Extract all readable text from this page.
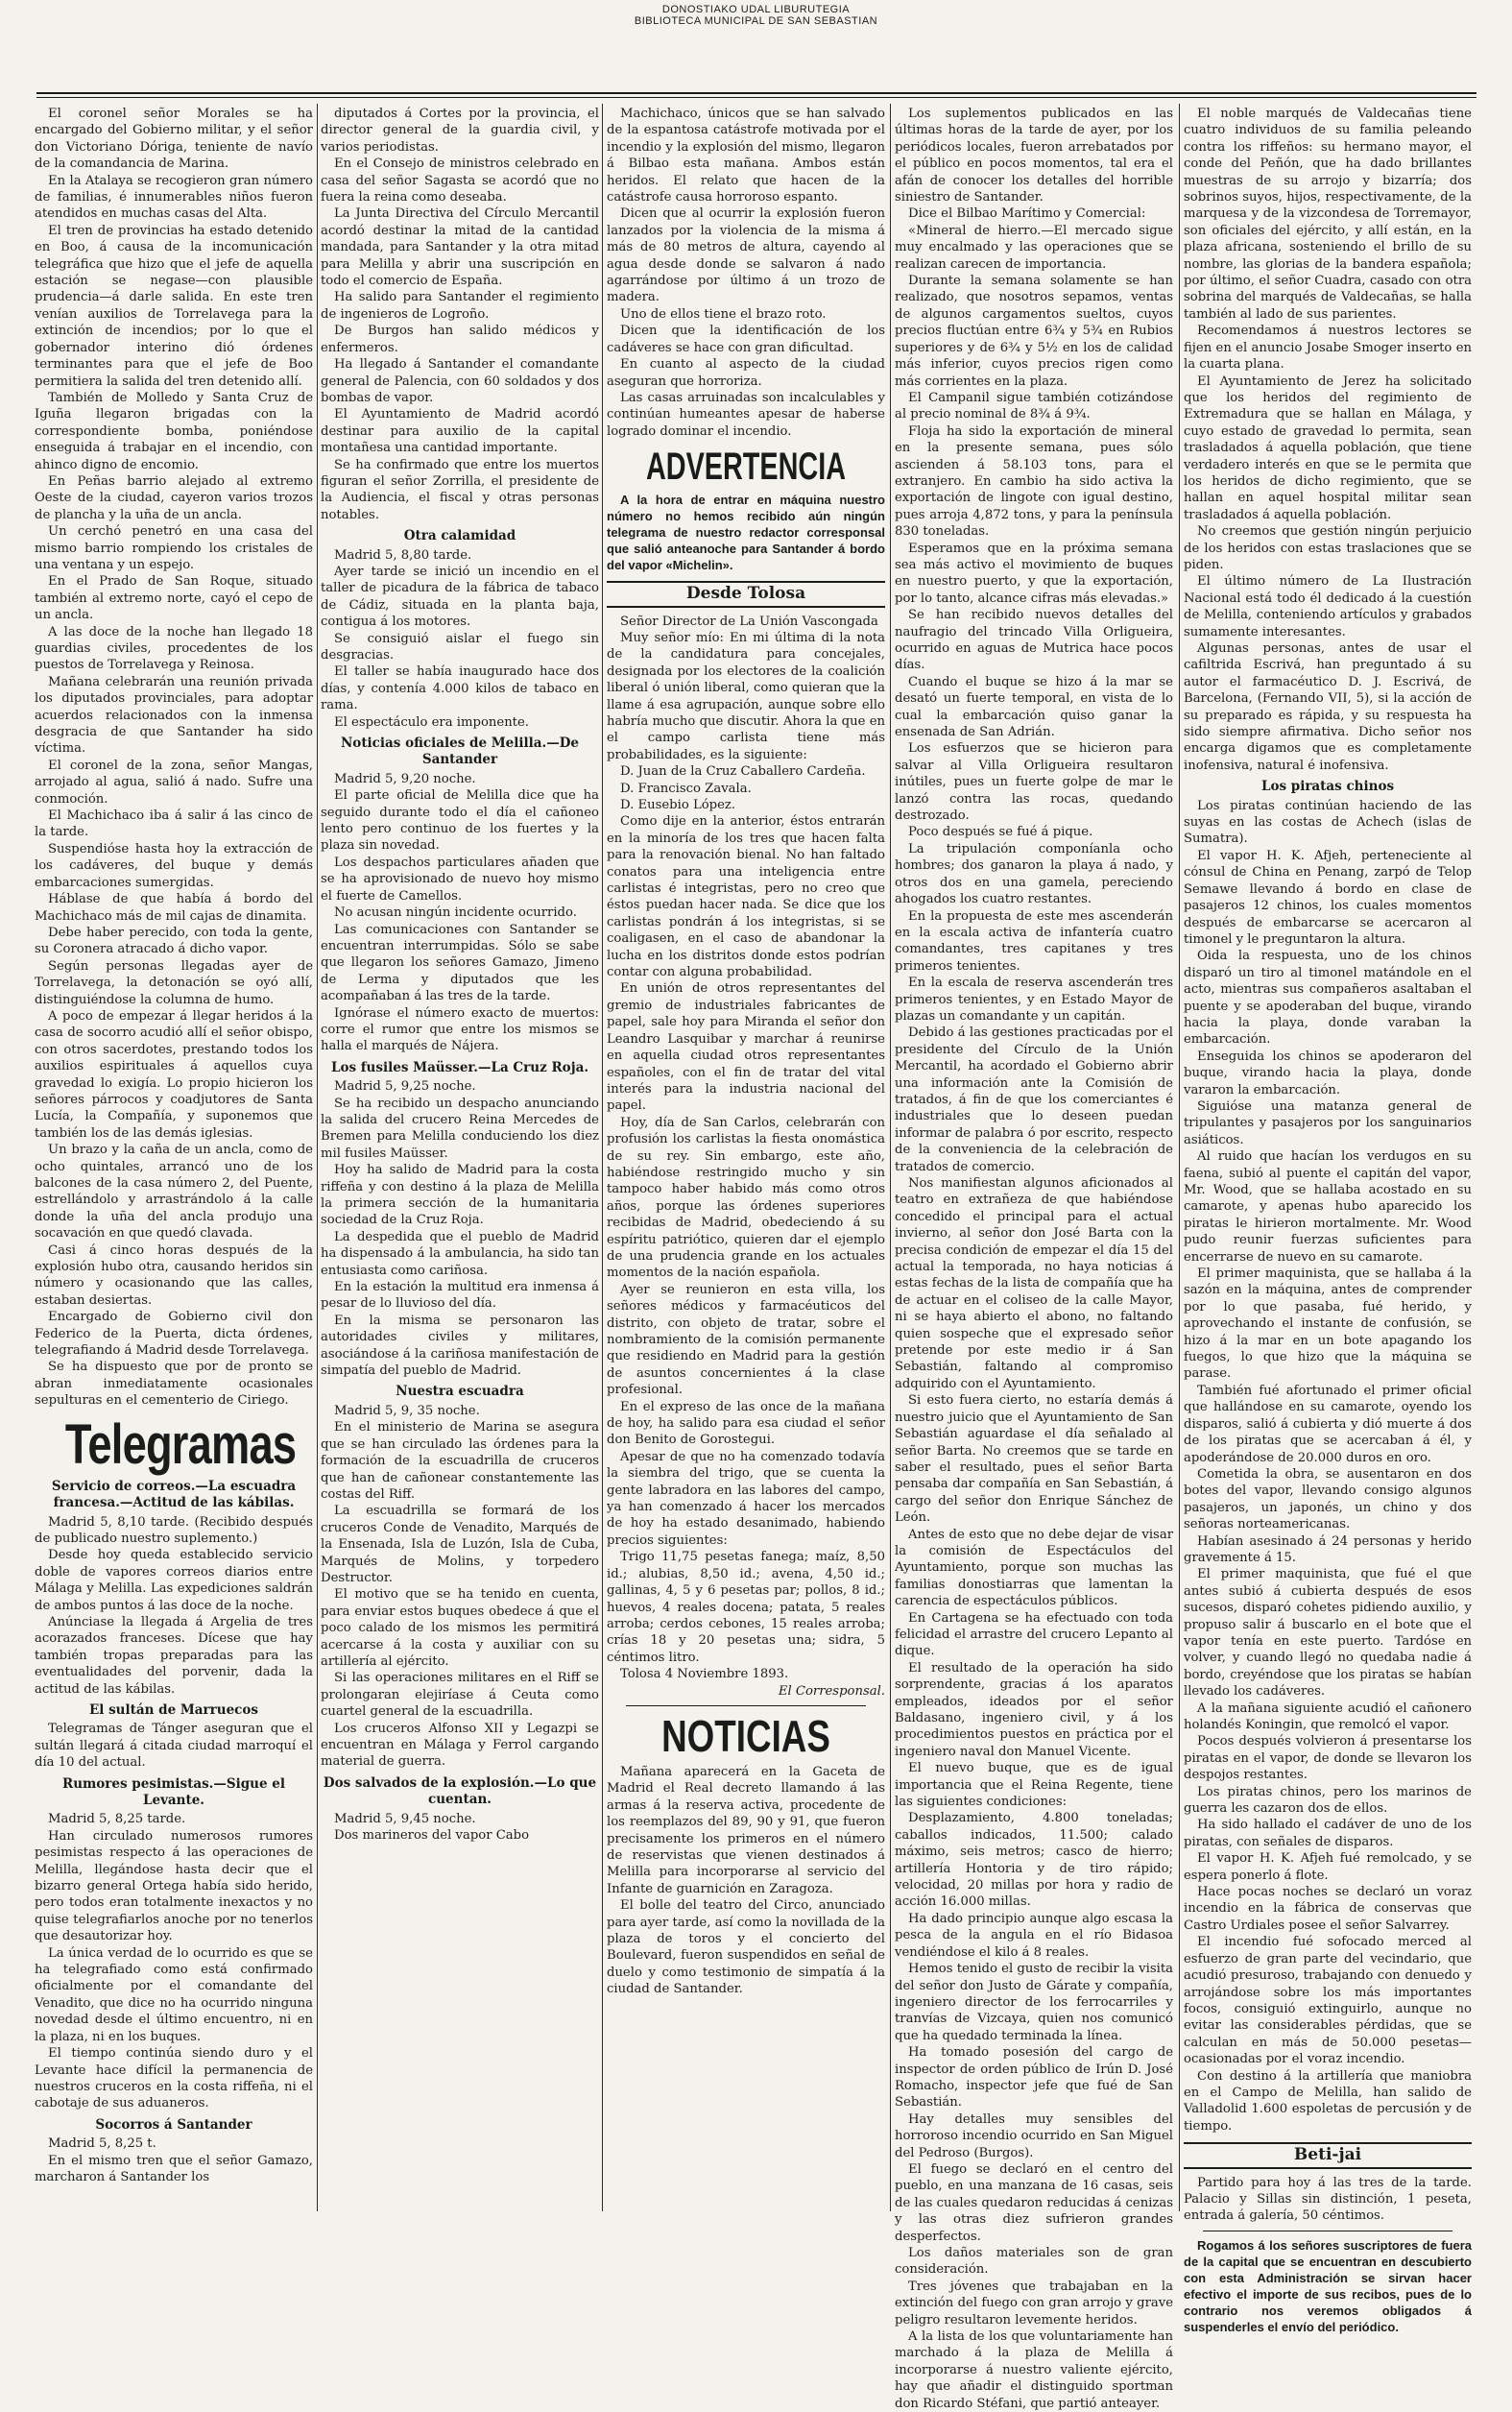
DONOSTIAKO UDAL LIBURUTEGIA
BIBLIOTECA MUNICIPAL DE SAN SEBASTIAN

El coronel señor Morales se ha encargado del Gobierno militar, y el señor don Victoriano Dóriga, teniente de navío de la comandancia de Marina.

En la Atalaya se recogieron gran número de familias, é innumerables niños fueron atendidos en muchas casas del Alta.

El tren de provincias ha estado detenido en Boo, á causa de la incomunicación telegráfica que hizo que el jefe de aquella estación se negase—con plausible prudencia—á darle salida. En este tren venían auxilios de Torrelavega para la extinción de incendios; por lo que el gobernador interino dió órdenes terminantes para que el jefe de Boo permitiera la salida del tren detenido allí.

También de Molledo y Santa Cruz de Iguña llegaron brigadas con la correspondiente bomba, poniéndose enseguida á trabajar en el incendio, con ahinco digno de encomio.

En Peñas barrio alejado al extremo Oeste de la ciudad, cayeron varios trozos de plancha y la uña de un ancla.

Un cerchó penetró en una casa del mismo barrio rompiendo los cristales de una ventana y un espejo.

En el Prado de San Roque, situado también al extremo norte, cayó el cepo de un ancla.

A las doce de la noche han llegado 18 guardias civiles, procedentes de los puestos de Torrelavega y Reinosa.

Mañana celebrarán una reunión privada los diputados provinciales, para adoptar acuerdos relacionados con la inmensa desgracia de que Santander ha sido víctima.

El coronel de la zona, señor Mangas, arrojado al agua, salió á nado. Sufre una conmoción.

El Machichaco iba á salir á las cinco de la tarde.

Suspendióse hasta hoy la extracción de los cadáveres, del buque y demás embarcaciones sumergidas.

Háblase de que había á bordo del Machichaco más de mil cajas de dinamita.

Debe haber perecido, con toda la gente, su Coronera atracado á dicho vapor.

Según personas llegadas ayer de Torrelavega, la detonación se oyó allí, distinguiéndose la columna de humo.

A poco de empezar á llegar heridos á la casa de socorro acudió allí el señor obispo, con otros sacerdotes, prestando todos los auxilios espirituales á aquellos cuya gravedad lo exigía. Lo propio hicieron los señores párrocos y coadjutores de Santa Lucía, la Compañía, y suponemos que también los de las demás iglesias.

Un brazo y la caña de un ancla, como de ocho quintales, arrancó uno de los balcones de la casa número 2, del Puente, estrellándolo y arrastrándolo á la calle donde la uña del ancla produjo una socavación en que quedó clavada.

Casi á cinco horas después de la explosión hubo otra, causando heridos sin número y ocasionando que las calles, estaban desiertas.

Encargado de Gobierno civil don Federico de la Puerta, dicta órdenes, telegrafiando á Madrid desde Torrelavega.

Se ha dispuesto que por de pronto se abran inmediatamente ocasionales sepulturas en el cementerio de Ciriego.

Telegramas
Servicio de correos.—La escuadra francesa.—Actitud de las kábilas.

Madrid 5, 8,10 tarde. (Recibido después de publicado nuestro suplemento.)

Desde hoy queda establecido servicio doble de vapores correos diarios entre Málaga y Melilla. Las expediciones saldrán de ambos puntos á las doce de la noche.

Anúnciase la llegada á Argelia de tres acorazados franceses. Dícese que hay también tropas preparadas para las eventualidades del porvenir, dada la actitud de las kábilas.

El sultán de Marruecos

Telegramas de Tánger aseguran que el sultán llegará á citada ciudad marroquí el día 10 del actual.

Rumores pesimistas.—Sigue el Levante.

Madrid 5, 8,25 tarde.

Han circulado numerosos rumores pesimistas respecto á las operaciones de Melilla, llegándose hasta decir que el bizarro general Ortega había sido herido, pero todos eran totalmente inexactos y no quise telegrafiarlos anoche por no tenerlos que desautorizar hoy.

La única verdad de lo ocurrido es que se ha telegrafiado como está confirmado oficialmente por el comandante del Venadito, que dice no ha ocurrido ninguna novedad desde el último encuentro, ni en la plaza, ni en los buques.

El tiempo continúa siendo duro y el Levante hace difícil la permanencia de nuestros cruceros en la costa riffeña, ni el cabotaje de sus aduaneros.

Socorros á Santander

Madrid 5, 8,25 t.

En el mismo tren que el señor Gamazo, marcharon á Santander los

diputados á Cortes por la provincia, el director general de la guardia civil, y varios periodistas.

En el Consejo de ministros celebrado en casa del señor Sagasta se acordó que no fuera la reina como deseaba.

La Junta Directiva del Círculo Mercantil acordó destinar la mitad de la cantidad mandada, para Santander y la otra mitad para Melilla y abrir una suscripción en todo el comercio de España.

Ha salido para Santander el regimiento de ingenieros de Logroño.

De Burgos han salido médicos y enfermeros.

Ha llegado á Santander el comandante general de Palencia, con 60 soldados y dos bombas de vapor.

El Ayuntamiento de Madrid acordó destinar para auxilio de la capital montañesa una cantidad importante.

Se ha confirmado que entre los muertos figuran el señor Zorrilla, el presidente de la Audiencia, el fiscal y otras personas notables.

Otra calamidad

Madrid 5, 8,80 tarde.

Ayer tarde se inició un incendio en el taller de picadura de la fábrica de tabaco de Cádiz, situada en la planta baja, contigua á los motores.

Se consiguió aislar el fuego sin desgracias.

El taller se había inaugurado hace dos días, y contenía 4.000 kilos de tabaco en rama.

El espectáculo era imponente.

Noticias oficiales de Melilla.—De Santander

Madrid 5, 9,20 noche.

El parte oficial de Melilla dice que ha seguido durante todo el día el cañoneo lento pero continuo de los fuertes y la plaza sin novedad.

Los despachos particulares añaden que se ha aprovisionado de nuevo hoy mismo el fuerte de Camellos.

No acusan ningún incidente ocurrido.

Las comunicaciones con Santander se encuentran interrumpidas. Sólo se sabe que llegaron los señores Gamazo, Jimeno de Lerma y diputados que les acompañaban á las tres de la tarde.

Ignórase el número exacto de muertos: corre el rumor que entre los mismos se halla el marqués de Nájera.

Los fusiles Maüsser.—La Cruz Roja.

Madrid 5, 9,25 noche.

Se ha recibido un despacho anunciando la salida del crucero Reina Mercedes de Bremen para Melilla conduciendo los diez mil fusiles Maüsser.

Hoy ha salido de Madrid para la costa riffeña y con destino á la plaza de Melilla la primera sección de la humanitaria sociedad de la Cruz Roja.

La despedida que el pueblo de Madrid ha dispensado á la ambulancia, ha sido tan entusiasta como cariñosa.

En la estación la multitud era inmensa á pesar de lo lluvioso del día.

En la misma se personaron las autoridades civiles y militares, asociándose á la cariñosa manifestación de simpatía del pueblo de Madrid.

Nuestra escuadra

Madrid 5, 9, 35 noche.

En el ministerio de Marina se asegura que se han circulado las órdenes para la formación de la escuadrilla de cruceros que han de cañonear constantemente las costas del Riff.

La escuadrilla se formará de los cruceros Conde de Venadito, Marqués de la Ensenada, Isla de Luzón, Isla de Cuba, Marqués de Molins, y torpedero Destructor.

El motivo que se ha tenido en cuenta, para enviar estos buques obedece á que el poco calado de los mismos les permitirá acercarse á la costa y auxiliar con su artillería al ejército.

Si las operaciones militares en el Riff se prolongaran elejiríase á Ceuta como cuartel general de la escuadrilla.

Los cruceros Alfonso XII y Legazpi se encuentran en Málaga y Ferrol cargando material de guerra.

Dos salvados de la explosión.—Lo que cuentan.

Madrid 5, 9,45 noche.

Dos marineros del vapor Cabo

Machichaco, únicos que se han salvado de la espantosa catástrofe motivada por el incendio y la explosión del mismo, llegaron á Bilbao esta mañana. Ambos están heridos. El relato que hacen de la catástrofe causa horroroso espanto.

Dicen que al ocurrir la explosión fueron lanzados por la violencia de la misma á más de 80 metros de altura, cayendo al agua desde donde se salvaron á nado agarrándose por último á un trozo de madera.

Uno de ellos tiene el brazo roto.

Dicen que la identificación de los cadáveres se hace con gran dificultad.

En cuanto al aspecto de la ciudad aseguran que horroriza.

Las casas arruinadas son incalculables y continúan humeantes apesar de haberse logrado dominar el incendio.

ADVERTENCIA

A la hora de entrar en máquina nuestro número no hemos recibido aún ningún telegrama de nuestro redactor corresponsal que salió anteanoche para Santander á bordo del vapor «Michelin».

Desde Tolosa

Señor Director de La Unión Vascongada

Muy señor mío: En mi última di la nota de la candidatura para concejales, designada por los electores de la coalición liberal ó unión liberal, como quieran que la llame á esa agrupación, aunque sobre ello habría mucho que discutir. Ahora la que en el campo carlista tiene más probabilidades, es la siguiente:

D. Juan de la Cruz Caballero Cardeña.

D. Francisco Zavala.

D. Eusebio López.

Como dije en la anterior, éstos entrarán en la minoría de los tres que hacen falta para la renovación bienal. No han faltado conatos para una inteligencia entre carlistas é integristas, pero no creo que éstos puedan hacer nada. Se dice que los carlistas pondrán á los integristas, si se coaligasen, en el caso de abandonar la lucha en los distritos donde estos podrían contar con alguna probabilidad.

En unión de otros representantes del gremio de industriales fabricantes de papel, sale hoy para Miranda el señor don Leandro Lasquibar y marchar á reunirse en aquella ciudad otros representantes españoles, con el fin de tratar del vital interés para la industria nacional del papel.

Hoy, día de San Carlos, celebrarán con profusión los carlistas la fiesta onomástica de su rey. Sin embargo, este año, habiéndose restringido mucho y sin tampoco haber habido más como otros años, porque las órdenes superiores recibidas de Madrid, obedeciendo á su espíritu patriótico, quieren dar el ejemplo de una prudencia grande en los actuales momentos de la nación española.

Ayer se reunieron en esta villa, los señores médicos y farmacéuticos del distrito, con objeto de tratar, sobre el nombramiento de la comisión permanente que residiendo en Madrid para la gestión de asuntos concernientes á la clase profesional.

En el expreso de las once de la mañana de hoy, ha salido para esa ciudad el señor don Benito de Gorostegui.

Apesar de que no ha comenzado todavía la siembra del trigo, que se cuenta la gente labradora en las labores del campo, ya han comenzado á hacer los mercados de hoy ha estado desanimado, habiendo precios siguientes:

Trigo 11,75 pesetas fanega; maíz, 8,50 id.; alubias, 8,50 id.; avena, 4,50 id.; gallinas, 4, 5 y 6 pesetas par; pollos, 8 id.; huevos, 4 reales docena; patata, 5 reales arroba; cerdos cebones, 15 reales arroba; crías 18 y 20 pesetas una; sidra, 5 céntimos litro.

Tolosa 4 Noviembre 1893.

El Corresponsal.

NOTICIAS

Mañana aparecerá en la Gaceta de Madrid el Real decreto llamando á las armas á la reserva activa, procedente de los reemplazos del 89, 90 y 91, que fueron precisamente los primeros en el número de reservistas que vienen destinados á Melilla para incorporarse al servicio del Infante de guarnición en Zaragoza.

El bolle del teatro del Circo, anunciado para ayer tarde, así como la novillada de la plaza de toros y el concierto del Boulevard, fueron suspendidos en señal de duelo y como testimonio de simpatía á la ciudad de Santander.

Los suplementos publicados en las últimas horas de la tarde de ayer, por los periódicos locales, fueron arrebatados por el público en pocos momentos, tal era el afán de conocer los detalles del horrible siniestro de Santander.

Dice el Bilbao Marítimo y Comercial:

«Mineral de hierro.—El mercado sigue muy encalmado y las operaciones que se realizan carecen de importancia.

Durante la semana solamente se han realizado, que nosotros sepamos, ventas de algunos cargamentos sueltos, cuyos precios fluctúan entre 6¾ y 5¾ en Rubios superiores y de 6¾ y 5½ en los de calidad más inferior, cuyos precios rigen como más corrientes en la plaza.

El Campanil sigue también cotizándose al precio nominal de 8¾ á 9¾.

Floja ha sido la exportación de mineral en la presente semana, pues sólo ascienden á 58.103 tons, para el extranjero. En cambio ha sido activa la exportación de lingote con igual destino, pues arroja 4,872 tons, y para la península 830 toneladas.

Esperamos que en la próxima semana sea más activo el movimiento de buques en nuestro puerto, y que la exportación, por lo tanto, alcance cifras más elevadas.»

Se han recibido nuevos detalles del naufragio del trincado Villa Orligueira, ocurrido en aguas de Mutrica hace pocos días.

Cuando el buque se hizo á la mar se desató un fuerte temporal, en vista de lo cual la embarcación quiso ganar la ensenada de San Adrián.

Los esfuerzos que se hicieron para salvar al Villa Orligueira resultaron inútiles, pues un fuerte golpe de mar le lanzó contra las rocas, quedando destrozado.

Poco después se fué á pique.

La tripulación componíanla ocho hombres; dos ganaron la playa á nado, y otros dos en una gamela, pereciendo ahogados los cuatro restantes.

En la propuesta de este mes ascenderán en la escala activa de infantería cuatro comandantes, tres capitanes y tres primeros tenientes.

En la escala de reserva ascenderán tres primeros tenientes, y en Estado Mayor de plazas un comandante y un capitán.

Debido á las gestiones practicadas por el presidente del Círculo de la Unión Mercantil, ha acordado el Gobierno abrir una información ante la Comisión de tratados, á fin de que los comerciantes é industriales que lo deseen puedan informar de palabra ó por escrito, respecto de la conveniencia de la celebración de tratados de comercio.

Nos manifiestan algunos aficionados al teatro en extrañeza de que habiéndose concedido el principal para el actual invierno, al señor don José Barta con la precisa condición de empezar el día 15 del actual la temporada, no haya noticias á estas fechas de la lista de compañía que ha de actuar en el coliseo de la calle Mayor, ni se haya abierto el abono, no faltando quien sospeche que el expresado señor pretende por este medio ir á San Sebastián, faltando al compromiso adquirido con el Ayuntamiento.

Si esto fuera cierto, no estaría demás á nuestro juicio que el Ayuntamiento de San Sebastián aguardase el día señalado al señor Barta. No creemos que se tarde en saber el resultado, pues el señor Barta pensaba dar compañía en San Sebastián, á cargo del señor don Enrique Sánchez de León.

Antes de esto que no debe dejar de visar la comisión de Espectáculos del Ayuntamiento, porque son muchas las familias donostiarras que lamentan la carencia de espectáculos públicos.

En Cartagena se ha efectuado con toda felicidad el arrastre del crucero Lepanto al dique.

El resultado de la operación ha sido sorprendente, gracias á los aparatos empleados, ideados por el señor Baldasano, ingeniero civil, y á los procedimientos puestos en práctica por el ingeniero naval don Manuel Vicente.

El nuevo buque, que es de igual importancia que el Reina Regente, tiene las siguientes condiciones:

Desplazamiento, 4.800 toneladas; caballos indicados, 11.500; calado máximo, seis metros; casco de hierro; artillería Hontoria y de tiro rápido; velocidad, 20 millas por hora y radio de acción 16.000 millas.

Ha dado principio aunque algo escasa la pesca de la angula en el río Bidasoa vendiéndose el kilo á 8 reales.

Hemos tenido el gusto de recibir la visita del señor don Justo de Gárate y compañía, ingeniero director de los ferrocarriles y tranvías de Vizcaya, quien nos comunicó que ha quedado terminada la línea.

Ha tomado posesión del cargo de inspector de orden público de Irún D. José Romacho, inspector jefe que fué de San Sebastián.

Hay detalles muy sensibles del horroroso incendio ocurrido en San Miguel del Pedroso (Burgos).

El fuego se declaró en el centro del pueblo, en una manzana de 16 casas, seis de las cuales quedaron reducidas á cenizas y las otras diez sufrieron grandes desperfectos.

Los daños materiales son de gran consideración.

Tres jóvenes que trabajaban en la extinción del fuego con gran arrojo y grave peligro resultaron levemente heridos.

A la lista de los que voluntariamente han marchado á la plaza de Melilla á incorporarse á nuestro valiente ejército, hay que añadir el distinguido sportman don Ricardo Stéfani, que partió anteayer.

El noble marqués de Valdecañas tiene cuatro individuos de su familia peleando contra los riffeños: su hermano mayor, el conde del Peñón, que ha dado brillantes muestras de su arrojo y bizarría; dos sobrinos suyos, hijos, respectivamente, de la marquesa y de la vizcondesa de Torremayor, son oficiales del ejército, y allí están, en la plaza africana, sosteniendo el brillo de su nombre, las glorias de la bandera española; por último, el señor Cuadra, casado con otra sobrina del marqués de Valdecañas, se halla también al lado de sus parientes.

Recomendamos á nuestros lectores se fijen en el anuncio Josabe Smoger inserto en la cuarta plana.

El Ayuntamiento de Jerez ha solicitado que los heridos del regimiento de Extremadura que se hallan en Málaga, y cuyo estado de gravedad lo permita, sean trasladados á aquella población, que tiene verdadero interés en que se le permita que los heridos de dicho regimiento, que se hallan en aquel hospital militar sean trasladados á aquella población.

No creemos que gestión ningún perjuicio de los heridos con estas traslaciones que se piden.

El último número de La Ilustración Nacional está todo él dedicado á la cuestión de Melilla, conteniendo artículos y grabados sumamente interesantes.

Algunas personas, antes de usar el cafiltrida Escrivá, han preguntado á su autor el farmacéutico D. J. Escrivá, de Barcelona, (Fernando VII, 5), si la acción de su preparado es rápida, y su respuesta ha sido siempre afirmativa. Dicho señor nos encarga digamos que es completamente inofensiva, natural é inofensiva.

Los piratas chinos

Los piratas continúan haciendo de las suyas en las costas de Achech (islas de Sumatra).

El vapor H. K. Afjeh, perteneciente al cónsul de China en Penang, zarpó de Telop Semawe llevando á bordo en clase de pasajeros 12 chinos, los cuales momentos después de embarcarse se acercaron al timonel y le preguntaron la altura.

Oida la respuesta, uno de los chinos disparó un tiro al timonel matándole en el acto, mientras sus compañeros asaltaban el puente y se apoderaban del buque, virando hacia la playa, donde varaban la embarcación.

Enseguida los chinos se apoderaron del buque, virando hacia la playa, donde vararon la embarcación.

Siguióse una matanza general de tripulantes y pasajeros por los sanguinarios asiáticos.

Al ruido que hacían los verdugos en su faena, subió al puente el capitán del vapor, Mr. Wood, que se hallaba acostado en su camarote, y apenas hubo aparecido los piratas le hirieron mortalmente. Mr. Wood pudo reunir fuerzas suficientes para encerrarse de nuevo en su camarote.

El primer maquinista, que se hallaba á la sazón en la máquina, antes de comprender por lo que pasaba, fué herido, y aprovechando el instante de confusión, se hizo á la mar en un bote apagando los fuegos, lo que hizo que la máquina se parase.

También fué afortunado el primer oficial que hallándose en su camarote, oyendo los disparos, salió á cubierta y dió muerte á dos de los piratas que se acercaban á él, y apoderándose de 20.000 duros en oro.

Cometida la obra, se ausentaron en dos botes del vapor, llevando consigo algunos pasajeros, un japonés, un chino y dos señoras norteamericanas.

Habían asesinado á 24 personas y herido gravemente á 15.

El primer maquinista, que fué el que antes subió á cubierta después de esos sucesos, disparó cohetes pidiendo auxilio, y propuso salir á buscarlo en el bote que el vapor tenía en este puerto. Tardóse en volver, y cuando llegó no quedaba nadie á bordo, creyéndose que los piratas se habían llevado los cadáveres.

A la mañana siguiente acudió el cañonero holandés Koningin, que remolcó el vapor.

Pocos después volvieron á presentarse los piratas en el vapor, de donde se llevaron los despojos restantes.

Los piratas chinos, pero los marinos de guerra les cazaron dos de ellos.

Ha sido hallado el cadáver de uno de los piratas, con señales de disparos.

El vapor H. K. Afjeh fué remolcado, y se espera ponerlo á flote.

Hace pocas noches se declaró un voraz incendio en la fábrica de conservas que Castro Urdiales posee el señor Salvarrey.

El incendio fué sofocado merced al esfuerzo de gran parte del vecindario, que acudió presuroso, trabajando con denuedo y arrojándose sobre los más importantes focos, consiguió extinguirlo, aunque no evitar las considerables pérdidas, que se calculan en más de 50.000 pesetas—ocasionadas por el voraz incendio.

Con destino á la artillería que maniobra en el Campo de Melilla, han salido de Valladolid 1.600 espoletas de percusión y de tiempo.

Beti-jai

Partido para hoy á las tres de la tarde. Palacio y Sillas sin distinción, 1 peseta, entrada á galería, 50 céntimos.

Rogamos á los señores suscriptores de fuera de la capital que se encuentran en descubierto con esta Administración se sirvan hacer efectivo el importe de sus recibos, pues de lo contrario nos veremos obligados á suspenderles el envío del periódico.
